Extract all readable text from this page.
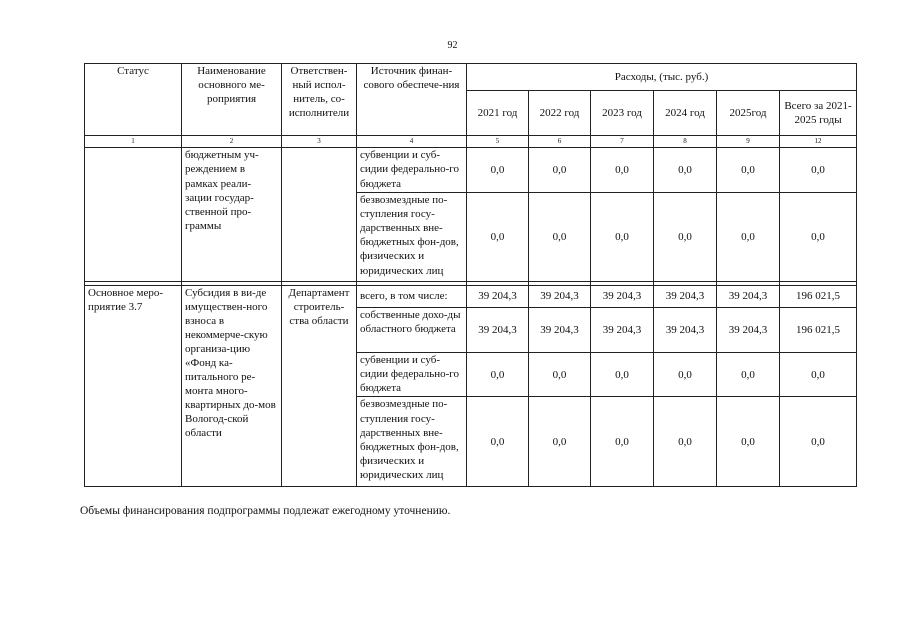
92
Статус	Наименование основного ме-роприятия	Ответствен-ный испол-нитель, со-исполнители	Источник финан-сового обеспече-ния	Расходы, (тыс. руб.)					
				2021 год	2022 год	2023 год	2024 год	2025год	Всего за 2021-2025 годы
1	2	3	4	5	6	7	8	9	12
	бюджетным уч-реждением в рамках реали-зации государ-ственной про-граммы		субвенции и суб-сидии федерально-го бюджета	0,0	0,0	0,0	0,0	0,0	0,0
			безвозмездные по-ступления госу-дарственных вне-бюджетных фон-дов, физических и юридических лиц	0,0	0,0	0,0	0,0	0,0	0,0

Основное меро-приятие 3.7	Субсидия в ви-де имуществен-ного взноса в некоммерче-скую организа-цию «Фонд ка-питального ре-монта много-квартирных до-мов Вологод-ской области	Департамент строитель-ства области	всего, в том числе:	39 204,3	39 204,3	39 204,3	39 204,3	39 204,3	196 021,5
			собственные дохо-ды областного бюджета	39 204,3	39 204,3	39 204,3	39 204,3	39 204,3	196 021,5
			субвенции и суб-сидии федерально-го бюджета	0,0	0,0	0,0	0,0	0,0	0,0
			безвозмездные по-ступления госу-дарственных вне-бюджетных фон-дов, физических и юридических лиц	0,0	0,0	0,0	0,0	0,0	0,0
Объемы финансирования подпрограммы подлежат ежегодному уточнению.
